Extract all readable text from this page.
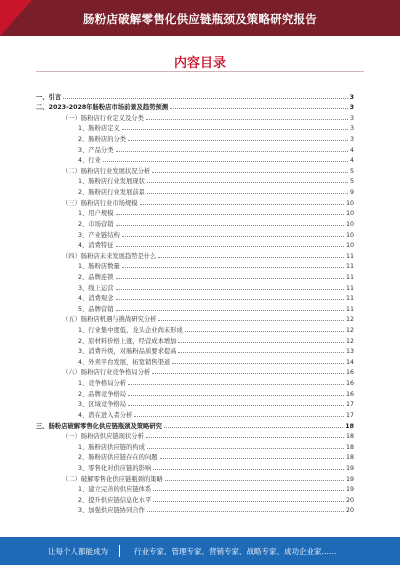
肠粉店破解零售化供应链瓶颈及策略研究报告
内容目录
一、引言	3
二、2023-2028年肠粉店市场前景及趋势预测	3
（一）肠粉店行业定义及分类	3
1、肠粉店定义	3
2、肠粉店的分类	3
3、产品分类	4
4、行业	4
（二）肠粉店行业发展状况分析	5
1、肠粉店行业发展现状	5
2、肠粉店行业发展前景	9
（三）肠粉店行业市场规模	10
1、用户规模	10
2、市场营销	10
3、产业链结构	10
4、消费特征	10
（四）肠粉店未来发展趋势是什么	11
1、肠粉店数量	11
2、品牌连锁	11
3、线上运营	11
4、消费观念	11
5、品牌营销	11
（五）肠粉店机遇与挑战研究分析	12
1、行业集中度低，龙头企业尚未形成	12
2、原材料价格上涨，经营成本增加	12
3、消费升级，对肠粉品质要求提高	13
4、外卖平台发展，拓宽销售渠道	14
（六）肠粉店行业竞争格局分析	16
1、竞争格局分析	16
2、品牌竞争格局	16
3、区域竞争格局	17
4、潜在进入者分析	17
三、肠粉店破解零售化供应链瓶颈及策略研究	18
（一）肠粉店供应链现状分析	18
1、肠粉店供应链的构成	18
2、肠粉店供应链存在的问题	18
3、零售化对供应链的影响	19
（二）破解零售化供应链瓶颈的策略	19
1、建立完善的供应链体系	19
2、提升供应链信息化水平	20
3、加强供应链协同合作	20
让每个人都能成为	行业专家、管理专家、营销专家、战略专家、成功企业家……
